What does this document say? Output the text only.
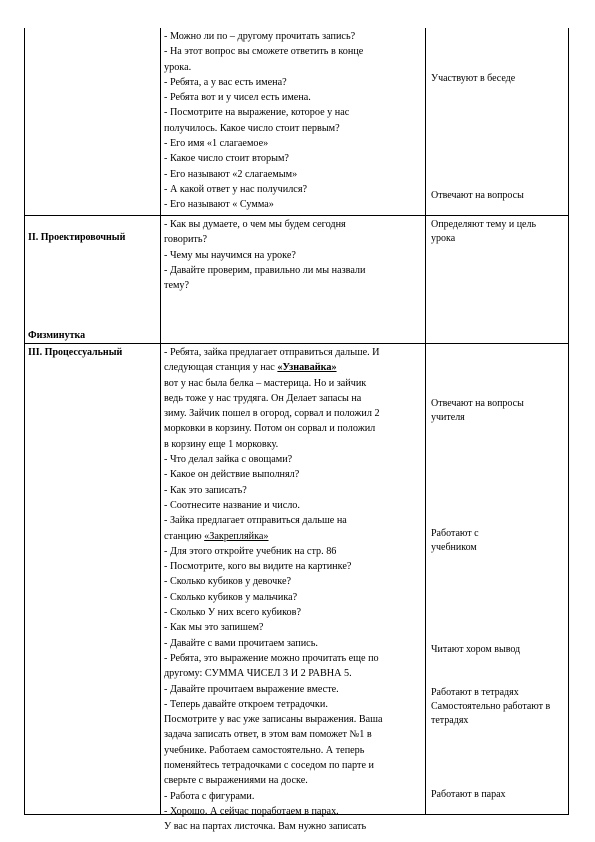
- Можно ли по – другому прочитать запись?
- На этот вопрос вы сможете ответить в конце
урока.
- Ребята, а у вас есть имена?
- Ребята вот и у чисел есть имена.
- Посмотрите на выражение, которое у нас
получилось. Какое число стоит первым?
- Его имя «1 слагаемое»
- Какое число стоит вторым?
- Его называют «2 слагаемым»
- А какой ответ у нас получился?
- Его называют « Сумма»
Участвуют в беседе
Отвечают на вопросы
II. Проектировочный
Физминутка
- Как вы думаете, о чем мы будем сегодня
говорить?
- Чему мы научимся на уроке?
- Давайте проверим, правильно ли мы назвали
тему?
Определяют тему и цель урока
III. Процессуальный	- Ребята, зайка предлагает отправиться дальше. И
следующая станция у нас «Узнавайка»
вот у нас была белка – мастерица. Но и зайчик
ведь тоже у нас трудяга. Он Делает запасы на
зиму. Зайчик пошел в огород, сорвал и положил 2
морковки в корзину. Потом он сорвал и положил
в корзину еще 1 морковку.
- Что делал зайка с овощами?
- Какое он действие выполнял?
- Как это записать?
- Соотнесите название и число.
- Зайка предлагает отправиться дальше на
станцию «Закрепляйка»
- Для этого откройте учебник на стр. 86
- Посмотрите, кого вы видите на картинке?
- Сколько кубиков у девочке?
- Сколько кубиков у мальчика?
- Сколько У них всего кубиков?
- Как мы это запишем?
- Давайте с вами прочитаем запись.
- Ребята, это выражение можно прочитать еще по
другому: СУММА ЧИСЕЛ 3 И 2 РАВНА 5.
- Давайте прочитаем выражение вместе.
- Теперь давайте откроем тетрадочки.
Посмотрите у вас уже записаны выражения. Ваша
задача записать ответ, в этом вам поможет №1 в
учебнике. Работаем самостоятельно. А теперь
поменяйтесь тетрадочками с соседом по парте и
сверьте с выражениями на доске.
- Работа с фигурами.
- Хорошо. А сейчас поработаем в парах.
У вас на партах листочка. Вам нужно записать
Отвечают на вопросы учителя
Работают с учебником
Читают хором вывод
Работают в тетрадях Самостоятельно работают в тетрадях
Работают в парах
